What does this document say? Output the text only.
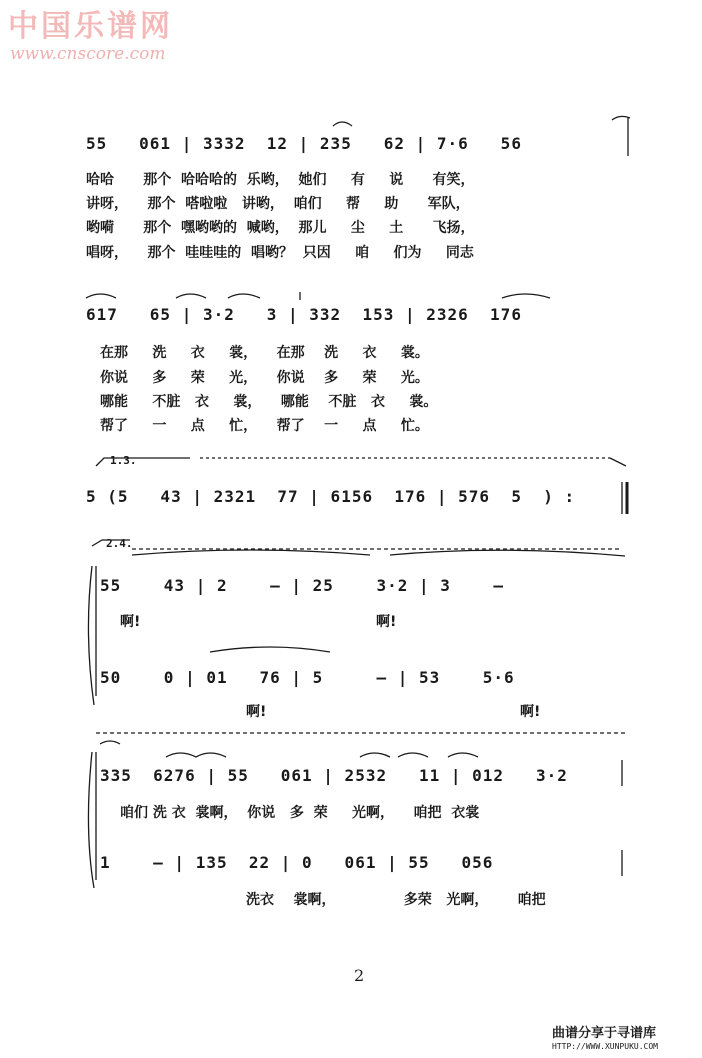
中国乐谱网
www.cnscore.com
55   061 | 3332  12 | 235   62 | 7·6   56
哈哈      那个  哈哈哈的  乐哟，  她们     有     说      有笑，
讲呀，    那个  嗒啦啦   讲哟，  咱们     帮     助      军队，
哟嗬      那个  嘿哟哟的  喊哟，  那儿     尘     土      飞扬，
唱呀，    那个  哇哇哇的  唱哟？  只因     咱     们为     同志
617   65 | 3·2   3 | 332  153 | 2326  176
在那     洗     衣     裳，    在那    洗     衣     裳。
你说     多     荣     光，    你说    多     荣     光。
哪能     不脏   衣     裳，    哪能    不脏   衣     裳。
帮了     一     点     忙，    帮了    一     点     忙。
1.3.
5 (5   43 | 2321  77 | 6156  176 | 576  5  ) :
2.4.
55    43 | 2    — | 25    3·2 | 3    —
啊!	啊!
50    0 | 01   76 | 5     — | 53    5·6
啊!	啊!
335  6276 | 55   061 | 2532   11 | 012   3·2
咱们 洗 衣  裳啊，  你说   多  荣     光啊，    咱把  衣裳
1    — | 135  22 | 0   061 | 55   056
洗衣    裳啊，              多荣   光啊，      咱把
2
曲谱分享于寻谱库
HTTP://WWW.XUNPUKU.COM
